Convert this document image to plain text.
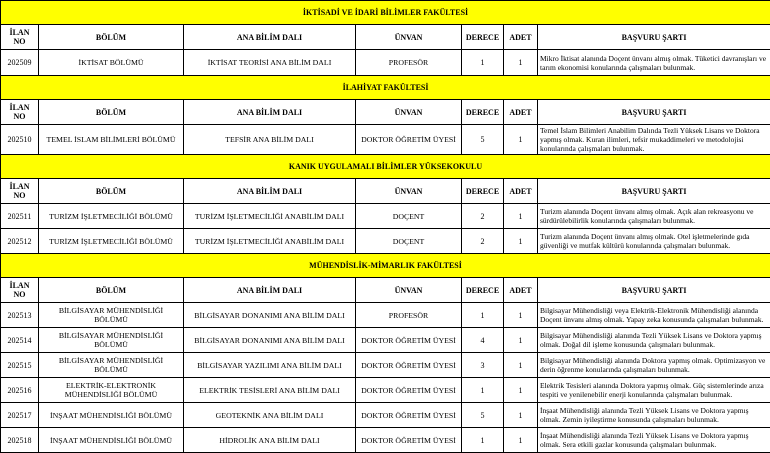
İKTİSADİ VE İDARİ BİLİMLER FAKÜLTESİ						
İLAN NO	BÖLÜM	ANA BİLİM DALI	ÜNVAN	DERECE	ADET	BAŞVURU ŞARTI
202509	İKTİSAT BÖLÜMÜ	İKTİSAT TEORİSİ ANA BİLİM DALI	PROFESÖR	1	1	Mikro İktisat alanında Doçent ünvanı almış olmak. Tüketici davranışları ve tarım ekonomisi konularında çalışmaları bulunmak.
İLAHİYAT FAKÜLTESİ						
İLAN NO	BÖLÜM	ANA BİLİM DALI	ÜNVAN	DERECE	ADET	BAŞVURU ŞARTI
202510	TEMEL İSLAM BİLİMLERİ BÖLÜMÜ	TEFSİR ANA BİLİM DALI	DOKTOR ÖĞRETİM ÜYESİ	5	1	Temel İslam Bilimleri Anabilim Dalında Tezli Yüksek Lisans ve Doktora yapmış olmak. Kuran ilimleri, tefsir mukaddimeleri ve metodolojisi konularında çalışmaları bulunmak.
KANIK UYGULAMALI BİLİMLER YÜKSEKOKULU						
İLAN NO	BÖLÜM	ANA BİLİM DALI	ÜNVAN	DERECE	ADET	BAŞVURU ŞARTI
202511	TURİZM İŞLETMECİLİĞİ BÖLÜMÜ	TURİZM İŞLETMECİLİĞİ ANABİLİM DALI	DOÇENT	2	1	Turizm alanında Doçent ünvanı almış olmak. Açık alan rekreasyonu ve sürdürülebilirlik konularında çalışmaları bulunmak.
202512	TURİZM İŞLETMECİLİĞİ BÖLÜMÜ	TURİZM İŞLETMECİLİĞİ ANABİLİM DALI	DOÇENT	2	1	Turizm alanında Doçent ünvanı almış olmak. Otel işletmelerinde gıda güvenliği ve mutfak kültürü konularında çalışmaları bulunmak.
MÜHENDİSLİK-MİMARLIK FAKÜLTESİ						
İLAN NO	BÖLÜM	ANA BİLİM DALI	ÜNVAN	DERECE	ADET	BAŞVURU ŞARTI
202513	BİLGİSAYAR MÜHENDİSLİĞİ BÖLÜMÜ	BİLGİSAYAR DONANIMI ANA BİLİM DALI	PROFESÖR	1	1	Bilgisayar Mühendisliği veya Elektrik-Elektronik Mühendisliği alanında Doçent ünvanı almış olmak. Yapay zeka konusunda çalışmaları bulunmak.
202514	BİLGİSAYAR MÜHENDİSLİĞİ BÖLÜMÜ	BİLGİSAYAR DONANIMI ANA BİLİM DALI	DOKTOR ÖĞRETİM ÜYESİ	4	1	Bilgisayar Mühendisliği alanında Tezli Yüksek Lisans ve Doktora yapmış olmak. Doğal dil işleme konusunda çalışmaları bulunmak.
202515	BİLGİSAYAR MÜHENDİSLİĞİ BÖLÜMÜ	BİLGİSAYAR YAZILIMI ANA BİLİM DALI	DOKTOR ÖĞRETİM ÜYESİ	3	1	Bilgisayar Mühendisliği alanında Doktora yapmış olmak. Optimizasyon ve derin öğrenme konularında çalışmaları bulunmak.
202516	ELEKTRİK-ELEKTRONİK MÜHENDİSLİĞİ BÖLÜMÜ	ELEKTRİK TESİSLERİ ANA BİLİM DALI	DOKTOR ÖĞRETİM ÜYESİ	1	1	Elektrik Tesisleri alanında Doktora yapmış olmak. Güç sistemlerinde arıza tespiti ve yenilenebilir enerji konularında çalışmaları bulunmak.
202517	İNŞAAT MÜHENDİSLİĞİ BÖLÜMÜ	GEOTEKNİK ANA BİLİM DALI	DOKTOR ÖĞRETİM ÜYESİ	5	1	İnşaat Mühendisliği alanında Tezli Yüksek Lisans ve Doktora yapmış olmak. Zemin iyileştirme konusunda çalışmaları bulunmak.
202518	İNŞAAT MÜHENDİSLİĞİ BÖLÜMÜ	HİDROLİK ANA BİLİM DALI	DOKTOR ÖĞRETİM ÜYESİ	1	1	İnşaat Mühendisliği alanında Tezli Yüksek Lisans ve Doktora yapmış olmak. Sera etkili gazlar konusunda çalışmaları bulunmak.
